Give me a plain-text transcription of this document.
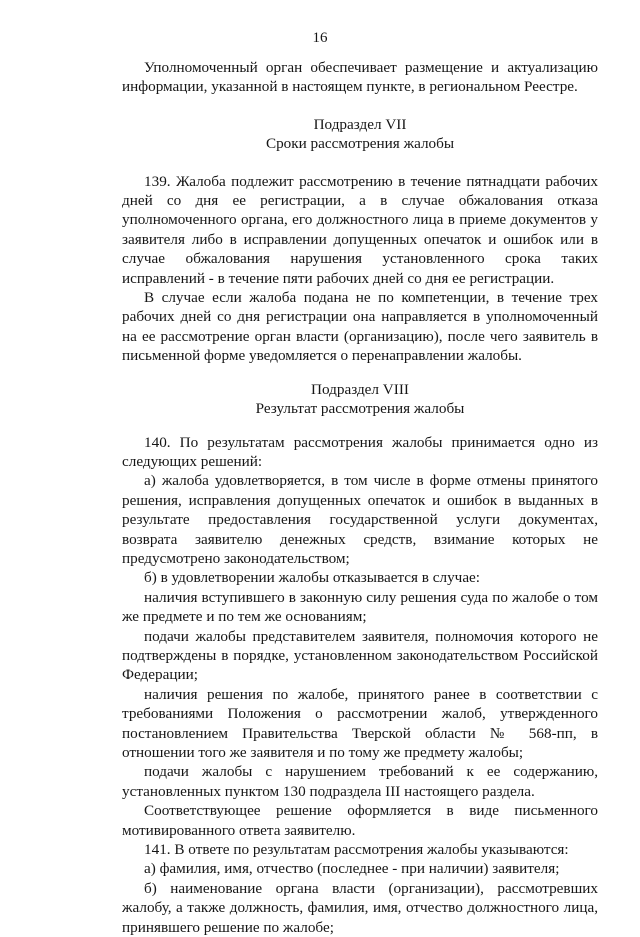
16

Уполномоченный орган обеспечивает размещение и актуализацию информации, указанной в настоящем пункте, в региональном Реестре.

Подраздел VII

Сроки рассмотрения жалобы

139. Жалоба подлежит рассмотрению в течение пятнадцати рабочих дней со дня ее регистрации, а в случае обжалования отказа уполномоченного органа, его должностного лица в приеме документов у заявителя либо в исправлении допущенных опечаток и ошибок или в случае обжалования нарушения установленного срока таких исправлений - в течение пяти рабочих дней со дня ее регистрации.

В случае если жалоба подана не по компетенции, в течение трех рабочих дней со дня регистрации она направляется в уполномоченный на ее рассмотрение орган власти (организацию), после чего заявитель в письменной форме уведомляется о перенаправлении жалобы.

Подраздел VIII

Результат рассмотрения жалобы

140. По результатам рассмотрения жалобы принимается одно из следующих решений:

а) жалоба удовлетворяется, в том числе в форме отмены принятого решения, исправления допущенных опечаток и ошибок в выданных в результате предоставления государственной услуги документах, возврата заявителю денежных средств, взимание которых не предусмотрено законодательством;

б) в удовлетворении жалобы отказывается в случае:

наличия вступившего в законную силу решения суда по жалобе о том же предмете и по тем же основаниям;

подачи жалобы представителем заявителя, полномочия которого не подтверждены в порядке, установленном законодательством Российской Федерации;

наличия решения по жалобе, принятого ранее в соответствии с требованиями Положения о рассмотрении жалоб, утвержденного постановлением Правительства Тверской области № 568-пп, в отношении того же заявителя и по тому же предмету жалобы;

подачи жалобы с нарушением требований к ее содержанию, установленных пунктом 130 подраздела III настоящего раздела.

Соответствующее решение оформляется в виде письменного мотивированного ответа заявителю.

141. В ответе по результатам рассмотрения жалобы указываются:

а) фамилия, имя, отчество (последнее - при наличии) заявителя;

б) наименование органа власти (организации), рассмотревших жалобу, а также должность, фамилия, имя, отчество должностного лица, принявшего решение по жалобе;
